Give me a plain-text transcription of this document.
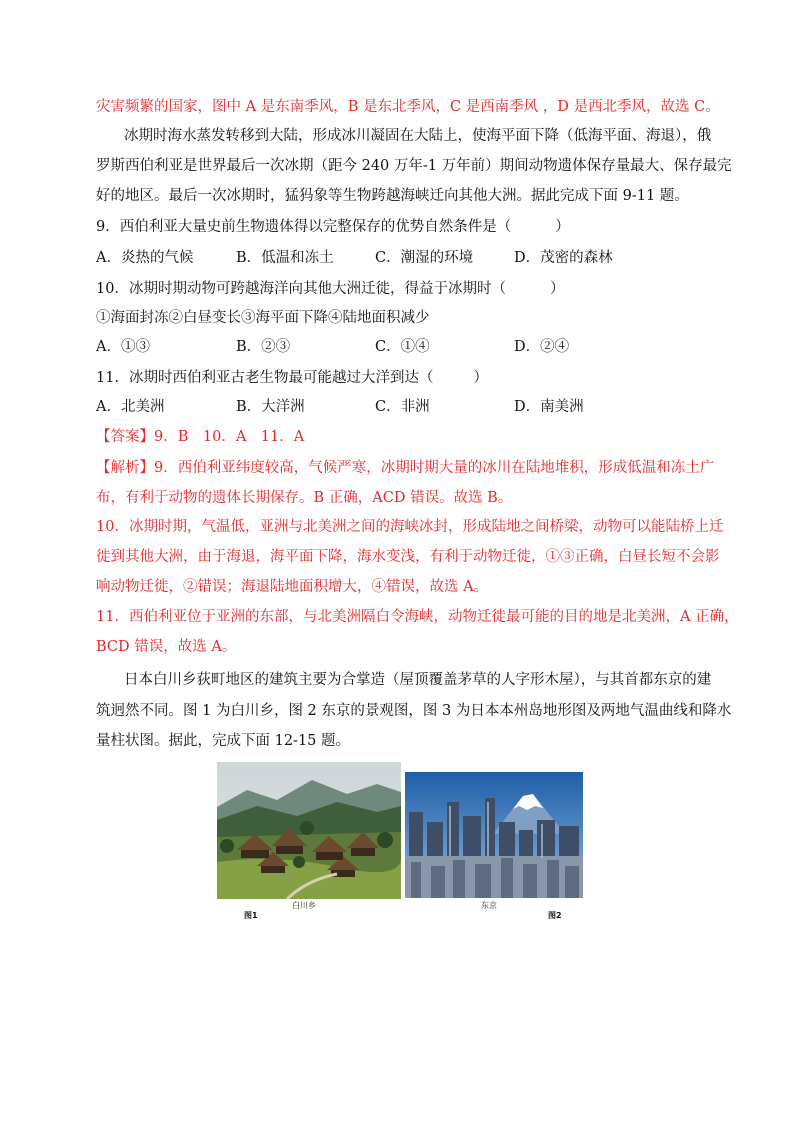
灾害频繁的国家，图中 A 是东南季风，B 是东北季风，C 是西南季风 ，D 是西北季风，故选 C。
冰期时海水蒸发转移到大陆，形成冰川凝固在大陆上，使海平面下降（低海平面、海退），俄
罗斯西伯利亚是世界最后一次冰期（距今 240 万年-1 万年前）期间动物遗体保存量最大、保存最完
好的地区。最后一次冰期时，猛犸象等生物跨越海峡迁向其他大洲。据此完成下面 9-11 题。
9．西伯利亚大量史前生物遗体得以完整保存的优势自然条件是（	）
A．炎热的气候	B．低温和冻土	C．潮湿的环境	D．茂密的森林
10．冰期时期动物可跨越海洋向其他大洲迁徙，得益于冰期时（	）
①海面封冻②白昼变长③海平面下降④陆地面积减少
A．①③	B．②③	C．①④	D．②④
11．冰期时西伯利亚古老生物最可能越过大洋到达（	）
A．北美洲	B．大洋洲	C．非洲	D．南美洲
【答案】9．B　10．A　11．A
【解析】9．西伯利亚纬度较高，气候严寒，冰期时期大量的冰川在陆地堆积，形成低温和冻土广
布，有利于动物的遗体长期保存。B 正确，ACD 错误。故选 B。
10．冰期时期，气温低，亚洲与北美洲之间的海峡冰封，形成陆地之间桥梁，动物可以能陆桥上迁
徙到其他大洲，由于海退，海平面下降，海水变浅，有利于动物迁徙，①③正确，白昼长短不会影
响动物迁徙，②错误；海退陆地面积增大，④错误，故选 A。
11．西伯利亚位于亚洲的东部，与北美洲隔白令海峡，动物迁徙最可能的目的地是北美洲，A 正确，
BCD 错误，故选 A。
日本白川乡荻町地区的建筑主要为合掌造（屋顶覆盖茅草的人字形木屋），与其首都东京的建
筑迥然不同。图 1 为白川乡，图 2 东京的景观图，图 3 为日本本州岛地形图及两地气温曲线和降水
量柱状图。据此，完成下面 12-15 题。
白川乡
图1
东京
图2
